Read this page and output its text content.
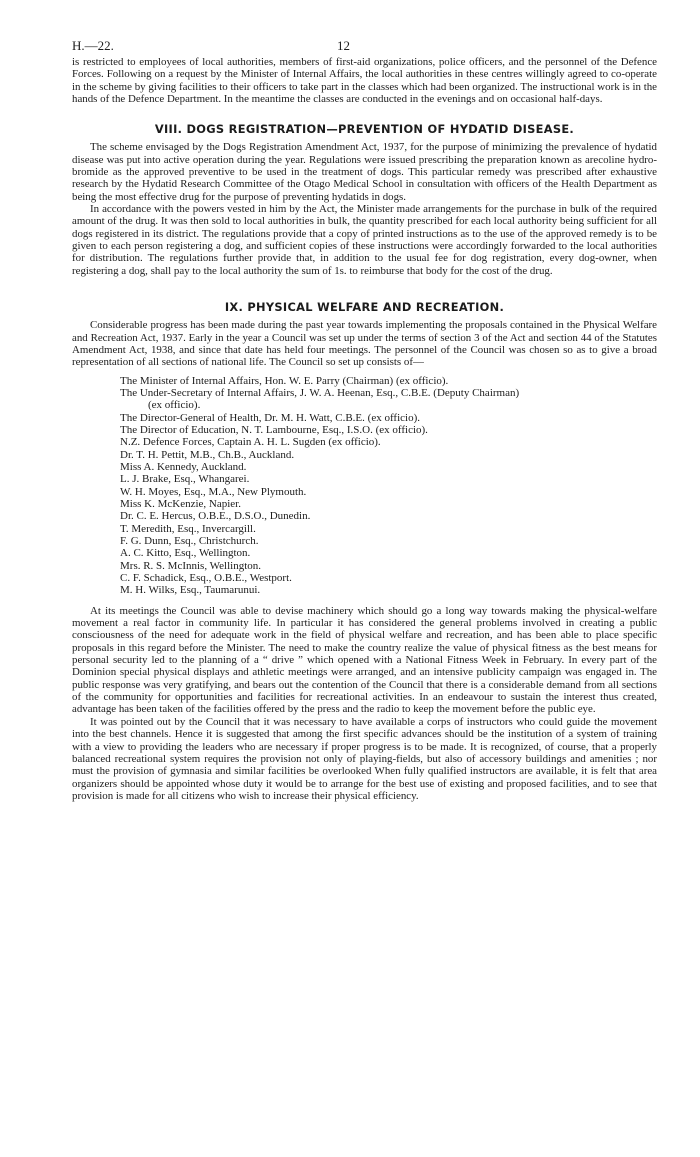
H.—22.	12

is restricted to employees of local authorities, members of first-aid organizations, police officers, and the personnel of the Defence Forces. Following on a request by the Minister of Internal Affairs, the local authorities in these centres willingly agreed to co-operate in the scheme by giving facilities to their officers to take part in the classes which had been organized. The instructional work is in the hands of the Defence Department. In the meantime the classes are conducted in the evenings and on occasional half-days.

VIII. DOGS REGISTRATION—PREVENTION OF HYDATID DISEASE.

The scheme envisaged by the Dogs Registration Amendment Act, 1937, for the purpose of minimizing the prevalence of hydatid disease was put into active operation during the year. Regulations were issued prescribing the preparation known as arecoline hydro-bromide as the approved preventive to be used in the treatment of dogs. This particular remedy was prescribed after exhaustive research by the Hydatid Research Committee of the Otago Medical School in consultation with officers of the Health Department as being the most effective drug for the purpose of preventing hydatids in dogs.

In accordance with the powers vested in him by the Act, the Minister made arrangements for the purchase in bulk of the required amount of the drug. It was then sold to local authorities in bulk, the quantity prescribed for each local authority being sufficient for all dogs registered in its district. The regulations provide that a copy of printed instructions as to the use of the approved remedy is to be given to each person registering a dog, and sufficient copies of these instructions were accordingly forwarded to the local authorities for distribution. The regulations further provide that, in addition to the usual fee for dog registration, every dog-owner, when registering a dog, shall pay to the local authority the sum of 1s. to reimburse that body for the cost of the drug.

IX. PHYSICAL WELFARE AND RECREATION.

Considerable progress has been made during the past year towards implementing the proposals contained in the Physical Welfare and Recreation Act, 1937. Early in the year a Council was set up under the terms of section 3 of the Act and section 44 of the Statutes Amendment Act, 1938, and since that date has held four meetings. The personnel of the Council was chosen so as to give a broad representation of all sections of national life. The Council so set up consists of—

The Minister of Internal Affairs, Hon. W. E. Parry (Chairman) (ex officio).
The Under-Secretary of Internal Affairs, J. W. A. Heenan, Esq., C.B.E. (Deputy Chairman)
(ex officio).
The Director-General of Health, Dr. M. H. Watt, C.B.E. (ex officio).
The Director of Education, N. T. Lambourne, Esq., I.S.O. (ex officio).
N.Z. Defence Forces, Captain A. H. L. Sugden (ex officio).
Dr. T. H. Pettit, M.B., Ch.B., Auckland.
Miss A. Kennedy, Auckland.
L. J. Brake, Esq., Whangarei.
W. H. Moyes, Esq., M.A., New Plymouth.
Miss K. McKenzie, Napier.
Dr. C. E. Hercus, O.B.E., D.S.O., Dunedin.
T. Meredith, Esq., Invercargill.
F. G. Dunn, Esq., Christchurch.
A. C. Kitto, Esq., Wellington.
Mrs. R. S. McInnis, Wellington.
C. F. Schadick, Esq., O.B.E., Westport.
M. H. Wilks, Esq., Taumarunui.

At its meetings the Council was able to devise machinery which should go a long way towards making the physical-welfare movement a real factor in community life. In particular it has considered the general problems involved in creating a public consciousness of the need for adequate work in the field of physical welfare and recreation, and has been able to place specific proposals in this regard before the Minister. The need to make the country realize the value of physical fitness as the best means for personal security led to the planning of a “ drive ” which opened with a National Fitness Week in February. In every part of the Dominion special physical displays and athletic meetings were arranged, and an intensive publicity campaign was engaged in. The public response was very gratifying, and bears out the contention of the Council that there is a considerable demand from all sections of the community for opportunities and facilities for recreational activities. In an endeavour to sustain the interest thus created, advantage has been taken of the facilities offered by the press and the radio to keep the movement before the public eye.

It was pointed out by the Council that it was necessary to have available a corps of instructors who could guide the movement into the best channels. Hence it is suggested that among the first specific advances should be the institution of a system of training with a view to providing the leaders who are necessary if proper progress is to be made. It is recognized, of course, that a properly balanced recreational system requires the provision not only of playing-fields, but also of accessory buildings and amenities ; nor must the provision of gymnasia and similar facilities be overlooked When fully qualified instructors are available, it is felt that area organizers should be appointed whose duty it would be to arrange for the best use of existing and proposed facilities, and to see that provision is made for all citizens who wish to increase their physical efficiency.
